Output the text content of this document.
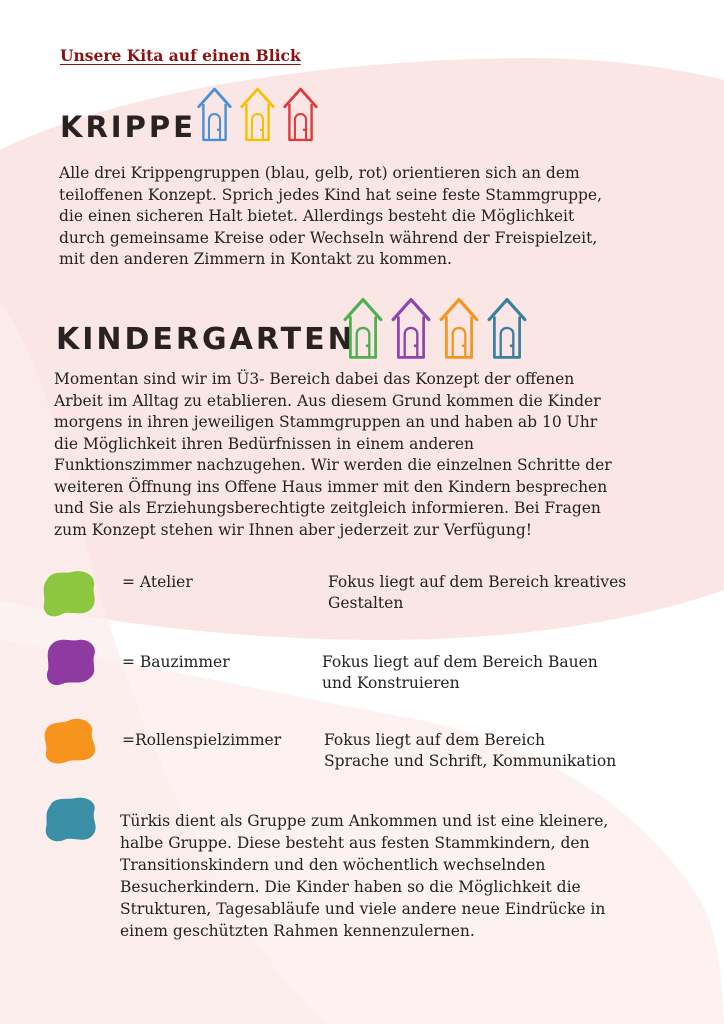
Unsere Kita auf einen Blick
KRIPPE

Alle drei Krippengruppen (blau, gelb, rot) orientieren sich an dem
teiloffenen Konzept. Sprich jedes Kind hat seine feste Stammgruppe,
die einen sicheren Halt bietet. Allerdings besteht die Möglichkeit
durch gemeinsame Kreise oder Wechseln während der Freispielzeit,
mit den anderen Zimmern in Kontakt zu kommen.

KINDERGARTEN

Momentan sind wir im Ü3- Bereich dabei das Konzept der offenen
Arbeit im Alltag zu etablieren. Aus diesem Grund kommen die Kinder
morgens in ihren jeweiligen Stammgruppen an und haben ab 10 Uhr
die Möglichkeit ihren Bedürfnissen in einem anderen
Funktionszimmer nachzugehen. Wir werden die einzelnen Schritte der
weiteren Öffnung ins Offene Haus immer mit den Kindern besprechen
und Sie als Erziehungsberechtigte zeitgleich informieren. Bei Fragen
zum Konzept stehen wir Ihnen aber jederzeit zur Verfügung!

= Atelier	Fokus liegt auf dem Bereich kreatives
Gestalten

= Bauzimmer	Fokus liegt auf dem Bereich Bauen
und Konstruieren

=Rollenspielzimmer	Fokus liegt auf dem Bereich
Sprache und Schrift, Kommunikation

Türkis dient als Gruppe zum Ankommen und ist eine kleinere,
halbe Gruppe. Diese besteht aus festen Stammkindern, den
Transitionskindern und den wöchentlich wechselnden
Besucherkindern. Die Kinder haben so die Möglichkeit die
Strukturen, Tagesabläufe und viele andere neue Eindrücke in
einem geschützten Rahmen kennenzulernen.
